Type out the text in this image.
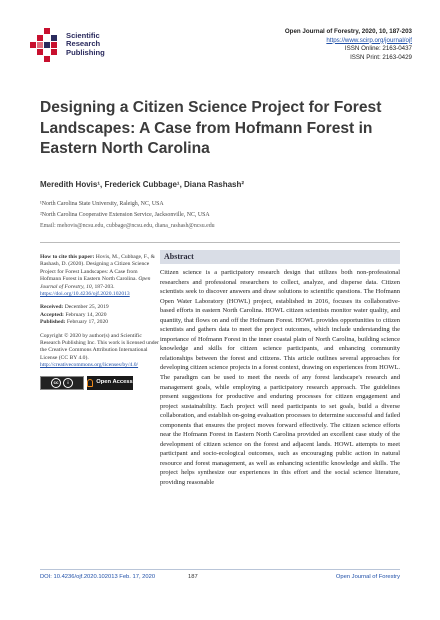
Scientific
Research
Publishing
Open Journal of Forestry, 2020, 10, 187-203
https://www.scirp.org/journal/ojf
ISSN Online: 2163-0437
ISSN Print: 2163-0429
Designing a Citizen Science Project for Forest Landscapes: A Case from Hofmann Forest in Eastern North Carolina
Meredith Hovis¹, Frederick Cubbage¹, Diana Rashash²
¹North Carolina State University, Raleigh, NC, USA
²North Carolina Cooperative Extension Service, Jacksonville, NC, USA
Email: mehovis@ncsu.edu, cubbage@ncsu.edu, diana_rashash@ncsu.edu

How to cite this paper: Hovis, M., Cubbage, F., & Rashash, D. (2020). Designing a Citizen Science Project for Forest Landscapes: A Case from Hofmann Forest in Eastern North Carolina. Open Journal of Forestry, 10, 187-203. https://doi.org/10.4236/ojf.2020.102013

Received: December 25, 2019
Accepted: February 14, 2020
Published: February 17, 2020

Copyright © 2020 by author(s) and Scientific Research Publishing Inc. This work is licensed under the Creative Commons Attribution International License (CC BY 4.0).
http://creativecommons.org/licenses/by/4.0/

cc	i	Open Access
Abstract
Citizen science is a participatory research design that utilizes both non-professional researchers and professional researchers to collect, analyze, and disperse data. Citizen scientists seek to discover answers and draw solutions to scientific questions. The Hofmann Open Water Laboratory (HOWL) project, established in 2016, focuses its collaborative-based efforts in eastern North Carolina. HOWL citizen scientists monitor water quality, and quantity, that flows on and off the Hofmann Forest. HOWL provides opportunities to citizen scientists and gathers data to meet the project outcomes, which include understanding the importance of Hofmann Forest in the inner coastal plain of North Carolina, building science knowledge and skills for citizen science participants, and enhancing community relationships between the forest and citizens. This article outlines several approaches for developing citizen science projects in a forest context, drawing on experiences from HOWL. The paradigm can be used to meet the needs of any forest landscape's research and management goals, while employing a participatory research approach. The guidelines present suggestions for productive and enduring processes for citizen engagement and project sustainability. Each project will need participants to set goals, build a diverse collaboration, and establish on-going evaluation processes to determine successful and failed components that ensures the project moves forward effectively. The citizen science efforts near the Hofmann Forest in Eastern North Carolina provided an excellent case study of the development of citizen science on the forest and adjacent lands. HOWL attempts to meet participant and socio-ecological outcomes, such as encouraging public action in natural resource and forest management, as well as enhancing scientific knowledge and skills. The project helps synthesize our experiences in this effort and the social science literature, providing reasonable
DOI: 10.4236/ojf.2020.102013 Feb. 17, 2020	187	Open Journal of Forestry
